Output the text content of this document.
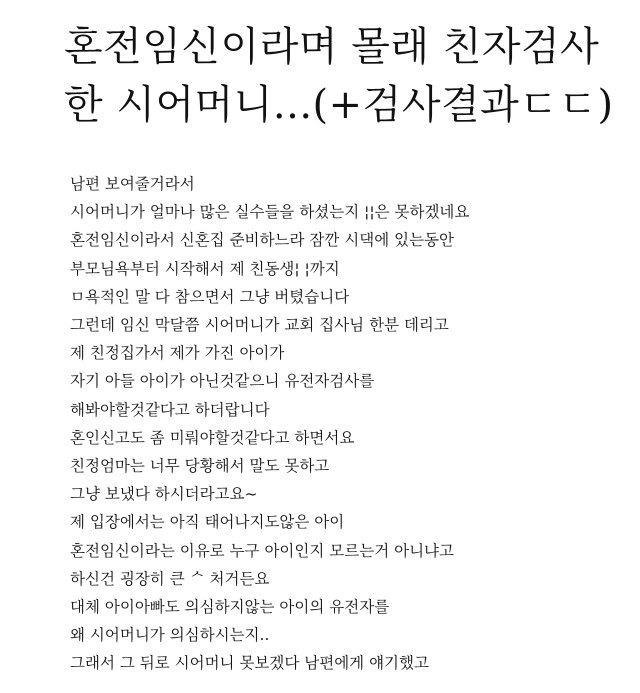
혼전임신이라며 몰래 친자검사
한 시어머니...(+검사결과ㄷㄷ)
남편 보여줄거라서
시어머니가 얼마나 많은 실수들을 하셨는지 ¦¦은 못하겠네요
혼전임신이라서 신혼집 준비하느라 잠깐 시댁에 있는동안
부모님욕부터 시작해서 제 친동생¦ ¦까지
ㅁ욕적인 말 다 참으면서 그냥 버텼습니다
그런데 임신 막달쯤 시어머니가 교회 집사님 한분 데리고
제 친정집가서 제가 가진 아이가
자기 아들 아이가 아닌것같으니 유전자검사를
해봐야할것같다고 하더랍니다
혼인신고도 좀 미뤄야할것같다고 하면서요
친정엄마는 너무 당황해서 말도 못하고
그냥 보냈다 하시더라고요~
제 입장에서는 아직 태어나지도않은 아이
혼전임신이라는 이유로 누구 아이인지 모르는거 아니냐고
하신건 굉장히 큰 ᄉ 처거든요
대체 아이아빠도 의심하지않는 아이의 유전자를
왜 시어머니가 의심하시는지..
그래서 그 뒤로 시어머니 못보겠다 남편에게 얘기했고
